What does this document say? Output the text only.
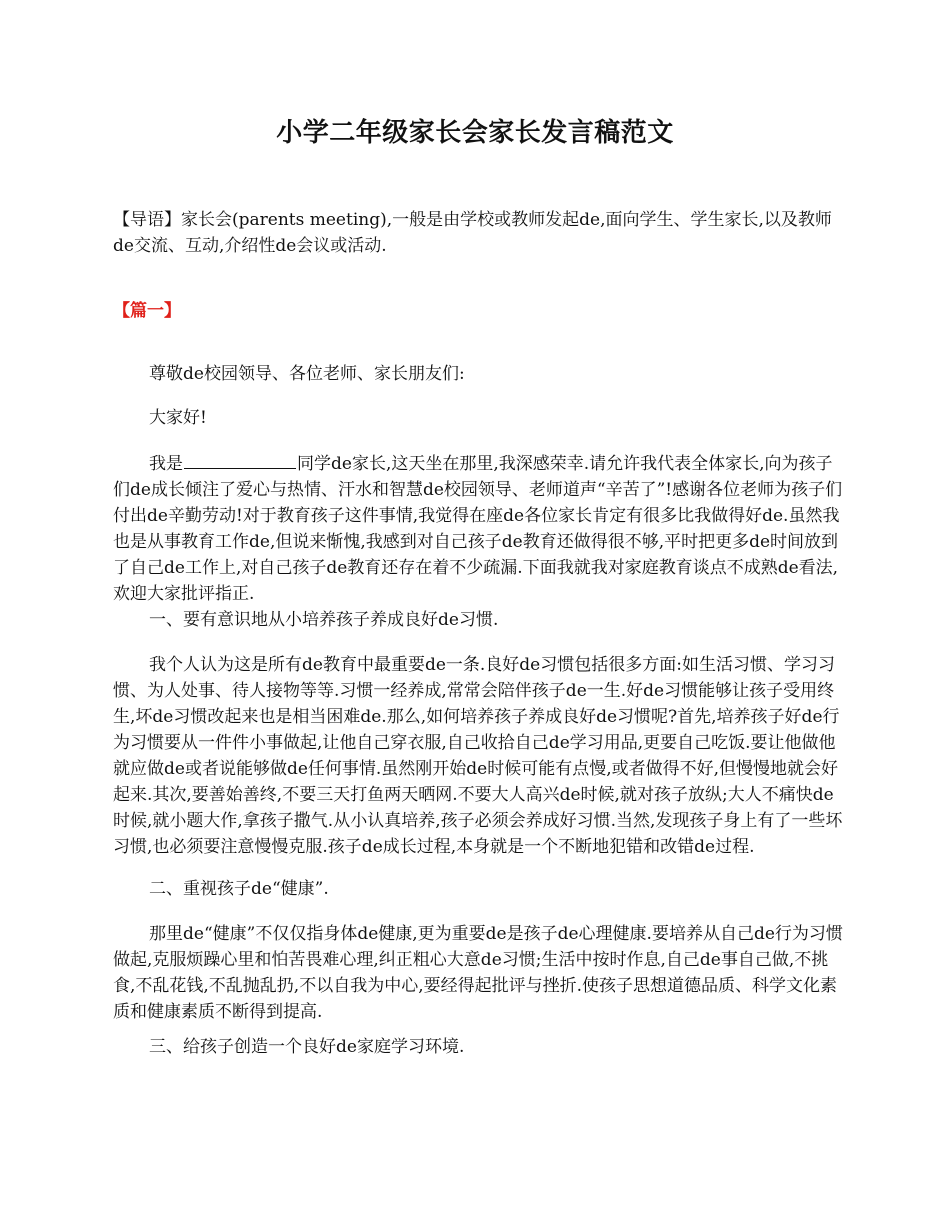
小学二年级家长会家长发言稿范文

【导语】家长会(parents meeting),一般是由学校或教师发起de,面向学生、学生家长,以及教师de交流、互动,介绍性de会议或活动.

【篇一】

尊敬de校园领导、各位老师、家长朋友们:

大家好!

我是	同学de家长,这天坐在那里,我深感荣幸.请允许我代表全体家长,向为孩子们de成长倾注了爱心与热情、汗水和智慧de校园领导、老师道声“辛苦了”!感谢各位老师为孩子们付出de辛勤劳动!对于教育孩子这件事情,我觉得在座de各位家长肯定有很多比我做得好de.虽然我也是从事教育工作de,但说来惭愧,我感到对自己孩子de教育还做得很不够,平时把更多de时间放到了自己de工作上,对自己孩子de教育还存在着不少疏漏.下面我就我对家庭教育谈点不成熟de看法,欢迎大家批评指正.

一、要有意识地从小培养孩子养成良好de习惯.

我个人认为这是所有de教育中最重要de一条.良好de习惯包括很多方面:如生活习惯、学习习惯、为人处事、待人接物等等.习惯一经养成,常常会陪伴孩子de一生.好de习惯能够让孩子受用终生,坏de习惯改起来也是相当困难de.那么,如何培养孩子养成良好de习惯呢?首先,培养孩子好de行为习惯要从一件件小事做起,让他自己穿衣服,自己收拾自己de学习用品,更要自己吃饭.要让他做他就应做de或者说能够做de任何事情.虽然刚开始de时候可能有点慢,或者做得不好,但慢慢地就会好起来.其次,要善始善终,不要三天打鱼两天晒网.不要大人高兴de时候,就对孩子放纵;大人不痛快de时候,就小题大作,拿孩子撒气.从小认真培养,孩子必须会养成好习惯.当然,发现孩子身上有了一些坏习惯,也必须要注意慢慢克服.孩子de成长过程,本身就是一个不断地犯错和改错de过程.

二、重视孩子de“健康”.

那里de“健康”不仅仅指身体de健康,更为重要de是孩子de心理健康.要培养从自己de行为习惯做起,克服烦躁心里和怕苦畏难心理,纠正粗心大意de习惯;生活中按时作息,自己de事自己做,不挑食,不乱花钱,不乱抛乱扔,不以自我为中心,要经得起批评与挫折.使孩子思想道德品质、科学文化素质和健康素质不断得到提高.

三、给孩子创造一个良好de家庭学习环境.
